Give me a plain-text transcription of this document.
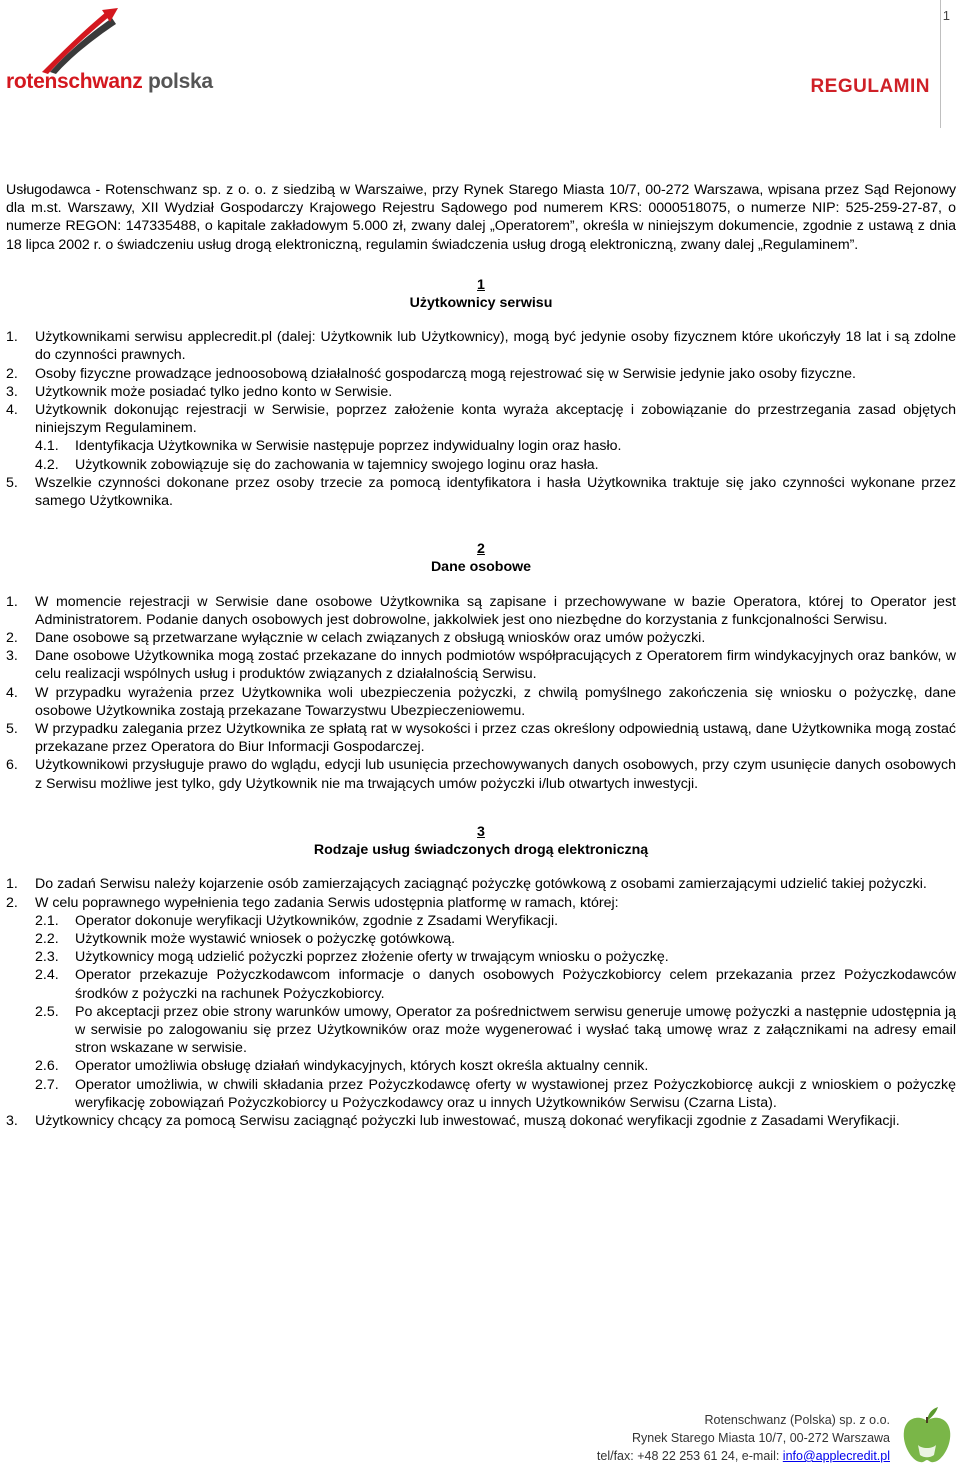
1
rotenschwanz polska	REGULAMIN
Usługodawca - Rotenschwanz sp. z o. o. z siedzibą w Warszaiwe, przy Rynek Starego Miasta 10/7, 00-272 Warszawa, wpisana przez Sąd Rejonowy dla m.st. Warszawy, XII Wydział Gospodarczy Krajowego Rejestru Sądowego pod numerem KRS: 0000518075, o numerze NIP: 525-259-27-87, o numerze REGON: 147335488, o kapitale zakładowym 5.000 zł, zwany dalej „Operatorem”, określa w niniejszym dokumencie, zgodnie z ustawą z dnia 18 lipca 2002 r. o świadczeniu usług drogą elektroniczną, regulamin świadczenia usług drogą elektroniczną, zwany dalej „Regulaminem”.
1
Użytkownicy serwisu
1.	Użytkownikami serwisu applecredit.pl (dalej: Użytkownik lub Użytkownicy), mogą być jedynie osoby fizycznem które ukończyły 18 lat i są zdolne do czynności prawnych.
2.	Osoby fizyczne prowadzące jednoosobową działalność gospodarczą mogą rejestrować się w Serwisie jedynie jako osoby fizyczne.
3.	Użytkownik może posiadać tylko jedno konto w Serwisie.
4.	Użytkownik dokonując rejestracji w Serwisie, poprzez założenie konta wyraża akceptację i zobowiązanie do przestrzegania zasad objętych niniejszym Regulaminem.
4.1.	Identyfikacja Użytkownika w Serwisie następuje poprzez indywidualny login oraz hasło.
4.2.	Użytkownik zobowiązuje się do zachowania w tajemnicy swojego loginu oraz hasła.
5.	Wszelkie czynności dokonane przez osoby trzecie za pomocą identyfikatora i hasła Użytkownika traktuje się jako czynności wykonane przez samego Użytkownika.
2
Dane osobowe
1.	W momencie rejestracji w Serwisie dane osobowe Użytkownika są zapisane i przechowywane w bazie Operatora, której to Operator jest Administratorem. Podanie danych osobowych jest dobrowolne, jakkolwiek jest ono niezbędne do korzystania z funkcjonalności Serwisu.
2.	Dane osobowe są przetwarzane wyłącznie w celach związanych z obsługą wniosków oraz umów pożyczki.
3.	Dane osobowe Użytkownika mogą zostać przekazane do innych podmiotów współpracujących z Operatorem firm windykacyjnych oraz banków, w celu realizacji wspólnych usług i produktów związanych z działalnością Serwisu.
4.	W przypadku wyrażenia przez Użytkownika woli ubezpieczenia pożyczki, z chwilą pomyślnego zakończenia się wniosku o pożyczkę, dane osobowe Użytkownika zostają przekazane Towarzystwu Ubezpieczeniowemu.
5.	W przypadku zalegania przez Użytkownika ze spłatą rat w wysokości i przez czas określony odpowiednią ustawą, dane Użytkownika mogą zostać przekazane przez Operatora do Biur Informacji Gospodarczej.
6.	Użytkownikowi przysługuje prawo do wglądu, edycji lub usunięcia przechowywanych danych osobowych, przy czym usunięcie danych osobowych z Serwisu możliwe jest tylko, gdy Użytkownik nie ma trwających umów pożyczki i/lub otwartych inwestycji.
3
Rodzaje usług świadczonych drogą elektroniczną
1.	Do zadań Serwisu należy kojarzenie osób zamierzających zaciągnąć pożyczkę gotówkową z osobami zamierzającymi udzielić takiej pożyczki.
2.	W celu poprawnego wypełnienia tego zadania Serwis udostępnia platformę w ramach, której:
2.1.	Operator dokonuje weryfikacji Użytkowników, zgodnie z Zsadami Weryfikacji.
2.2.	Użytkownik może wystawić wniosek o pożyczkę gotówkową.
2.3.	Użytkownicy mogą udzielić pożyczki poprzez złożenie oferty w trwającym wniosku o pożyczkę.
2.4.	Operator przekazuje Pożyczkodawcom informacje o danych osobowych Pożyczkobiorcy celem przekazania przez Pożyczkodawców środków z pożyczki na rachunek Pożyczkobiorcy.
2.5.	Po akceptacji przez obie strony warunków umowy, Operator za pośrednictwem serwisu generuje umowę pożyczki a następnie udostępnia ją w serwisie po zalogowaniu się przez Użytkowników oraz może wygenerować i wysłać taką umowę wraz z załącznikami na adresy email stron wskazane w serwisie.
2.6.	Operator umożliwia obsługę działań windykacyjnych, których koszt określa aktualny cennik.
2.7.	Operator umożliwia, w chwili składania przez Pożyczkodawcę oferty w wystawionej przez Pożyczkobiorcę aukcji z wnioskiem o pożyczkę weryfikację zobowiązań Pożyczkobiorcy u Pożyczkodawcy oraz u innych Użytkowników Serwisu (Czarna Lista).
3.	Użytkownicy chcący za pomocą Serwisu zaciągnąć pożyczki lub inwestować, muszą dokonać weryfikacji zgodnie z Zasadami Weryfikacji.
Rotenschwanz (Polska) sp. z o.o.
Rynek Starego Miasta 10/7, 00-272 Warszawa
tel/fax: +48 22 253 61 24, e-mail: info@applecredit.pl
